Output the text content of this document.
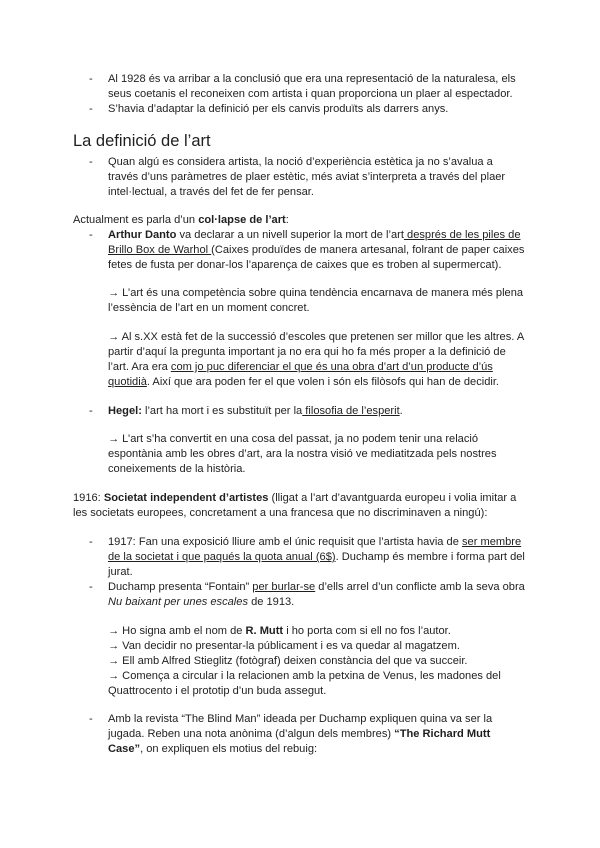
- Al 1928 és va arribar a la conclusió que era una representació de la naturalesa, els
seus coetanis el reconeixen com artista i quan proporciona un plaer al espectador.
- S’havia d’adaptar la definició per els canvis produïts als darrers anys.
La definició de l’art
- Quan algú es considera artista, la noció d’experiència estètica ja no s’avalua a
través d’uns paràmetres de plaer estètic, més aviat s’interpreta a través del plaer
intel·lectual, a través del fet de fer pensar.
Actualment es parla d’un col·lapse de l’art:
- Arthur Danto va declarar a un nivell superior la mort de l’art després de les piles de
Brillo Box de Warhol (Caixes produïdes de manera artesanal, folrant de paper caixes
fetes de fusta per donar-los l’aparença de caixes que es troben al supermercat).
→ L’art és una competència sobre quina tendència encarnava de manera més plena
l’essència de l’art en un moment concret.
→ Al s.XX està fet de la successió d’escoles que pretenen ser millor que les altres. A
partir d’aquí la pregunta important ja no era qui ho fa més proper a la definició de
l’art. Ara era com jo puc diferenciar el que és una obra d’art d’un producte d’ús
quotidià. Així que ara poden fer el que volen i són els filòsofs qui han de decidir.
- Hegel: l’art ha mort i es substituït per la filosofia de l’esperit.
→ L’art s’ha convertit en una cosa del passat, ja no podem tenir una relació
espontània amb les obres d’art, ara la nostra visió ve mediatitzada pels nostres
coneixements de la història.
1916: Societat independent d’artistes (lligat a l’art d’avantguarda europeu i volia imitar a
les societats europees, concretament a una francesa que no discriminaven a ningú):
- 1917: Fan una exposició lliure amb el únic requisit que l’artista havia de ser membre
de la societat i que paqués la quota anual (6$). Duchamp és membre i forma part del
jurat.
- Duchamp presenta “Fontain” per burlar-se d’ells arrel d’un conflicte amb la seva obra
Nu baixant per unes escales de 1913.
→ Ho signa amb el nom de R. Mutt i ho porta com si ell no fos l’autor.
→ Van decidir no presentar-la públicament i es va quedar al magatzem.
→ Ell amb Alfred Stieglitz (fotògraf) deixen constància del que va succeir.
→ Comença a circular i la relacionen amb la petxina de Venus, les madones del
Quattrocento i el prototip d’un buda assegut.
- Amb la revista “The Blind Man” ideada per Duchamp expliquen quina va ser la
jugada. Reben una nota anònima (d’algun dels membres) “The Richard Mutt
Case”, on expliquen els motius del rebuig:
